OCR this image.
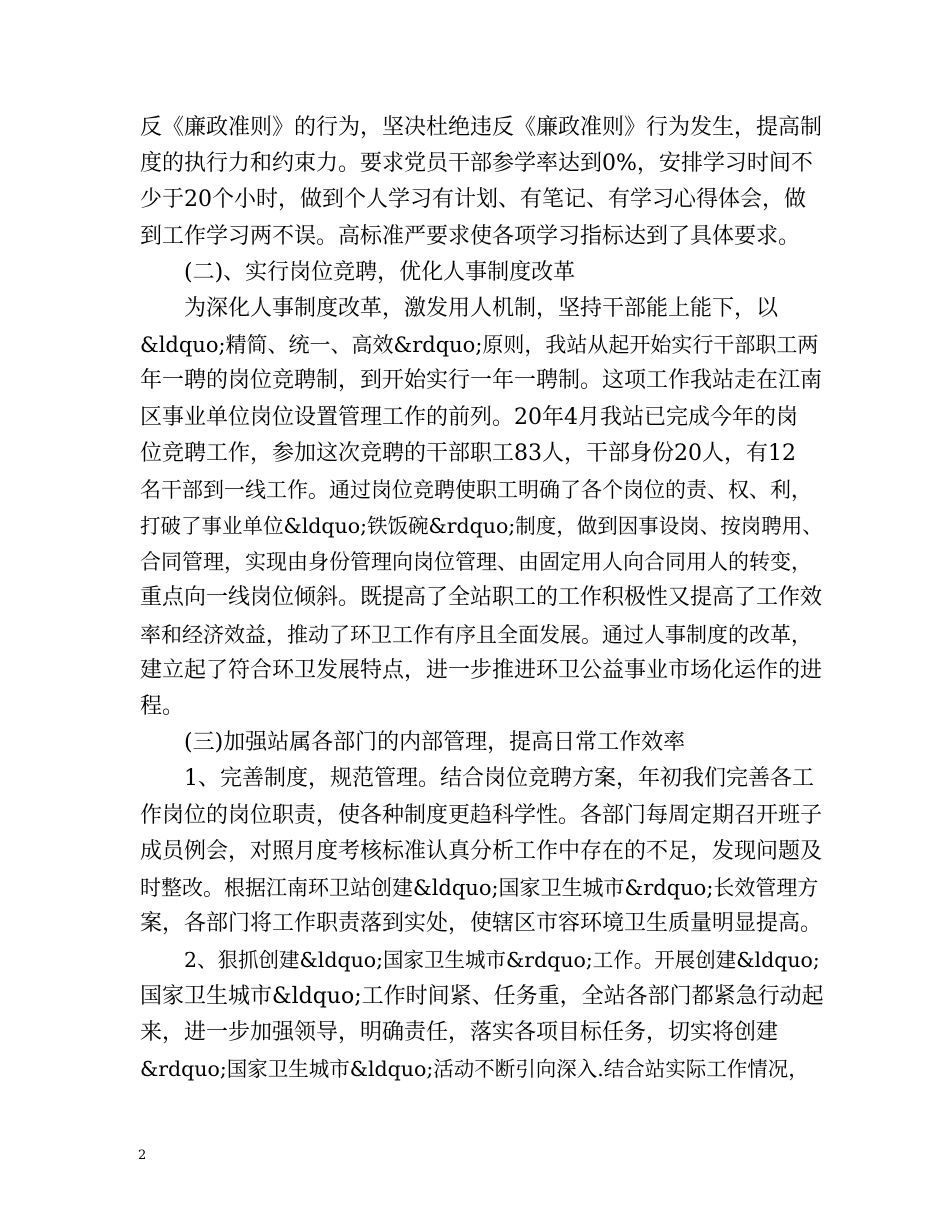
反《廉政准则》的行为，坚决杜绝违反《廉政准则》行为发生，提高制
度的执行力和约束力。要求党员干部参学率达到0%，安排学习时间不
少于20个小时，做到个人学习有计划、有笔记、有学习心得体会，做
到工作学习两不误。高标准严要求使各项学习指标达到了具体要求。
(二)、实行岗位竞聘，优化人事制度改革
为深化人事制度改革，激发用人机制，坚持干部能上能下，以
&ldquo;精简、统一、高效&rdquo;原则，我站从起开始实行干部职工两
年一聘的岗位竞聘制，到开始实行一年一聘制。这项工作我站走在江南
区事业单位岗位设置管理工作的前列。20年4月我站已完成今年的岗
位竞聘工作，参加这次竞聘的干部职工83人，干部身份20人，有12
名干部到一线工作。通过岗位竞聘使职工明确了各个岗位的责、权、利，
打破了事业单位&ldquo;铁饭碗&rdquo;制度，做到因事设岗、按岗聘用、
合同管理，实现由身份管理向岗位管理、由固定用人向合同用人的转变，
重点向一线岗位倾斜。既提高了全站职工的工作积极性又提高了工作效
率和经济效益，推动了环卫工作有序且全面发展。通过人事制度的改革，
建立起了符合环卫发展特点，进一步推进环卫公益事业市场化运作的进
程。
(三)加强站属各部门的内部管理，提高日常工作效率
1、完善制度，规范管理。结合岗位竞聘方案，年初我们完善各工
作岗位的岗位职责，使各种制度更趋科学性。各部门每周定期召开班子
成员例会，对照月度考核标准认真分析工作中存在的不足，发现问题及
时整改。根据江南环卫站创建&ldquo;国家卫生城市&rdquo;长效管理方
案，各部门将工作职责落到实处，使辖区市容环境卫生质量明显提高。
2、狠抓创建&ldquo;国家卫生城市&rdquo;工作。开展创建&ldquo;
国家卫生城市&ldquo;工作时间紧、任务重，全站各部门都紧急行动起
来，进一步加强领导，明确责任，落实各项目标任务，切实将创建
&rdquo;国家卫生城市&ldquo;活动不断引向深入.结合站实际工作情况，
2
